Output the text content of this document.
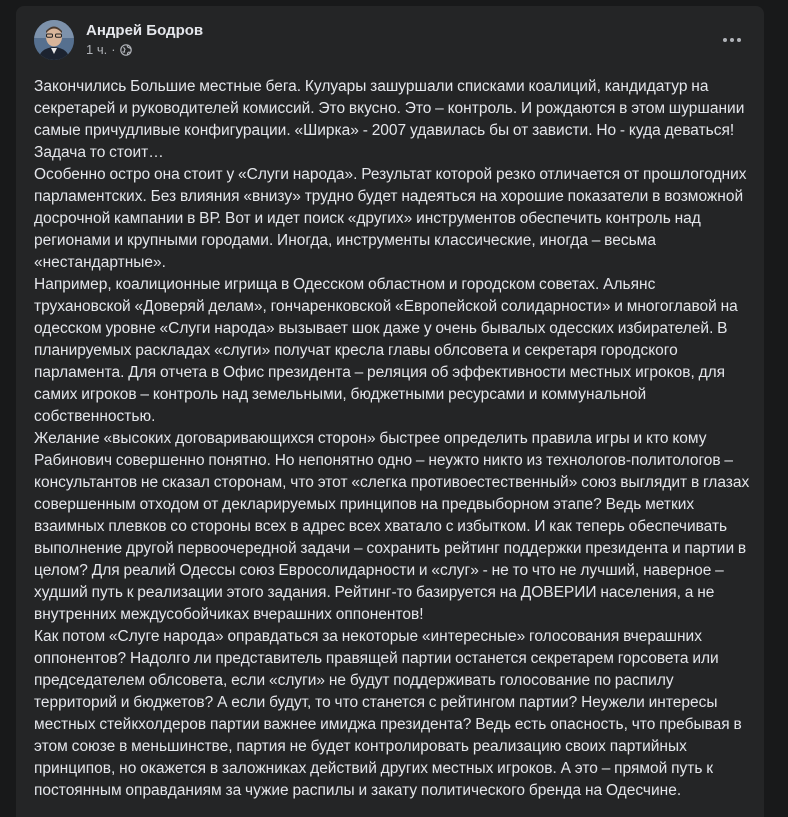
Андрей Бодров
1 ч. ·

Закончились Большие местные бега. Кулуары зашуршали списками коалиций, кандидатур на секретарей и руководителей комиссий. Это вкусно. Это – контроль. И рождаются в этом шуршании самые причудливые конфигурации. «Ширка» - 2007 удавилась бы от зависти. Но - куда деваться! Задача то стоит…

Особенно остро она стоит у «Слуги народа». Результат которой резко отличается от прошлогодних парламентских. Без влияния «внизу» трудно будет надеяться на хорошие показатели в возможной досрочной кампании в ВР. Вот и идет поиск «других» инструментов обеспечить контроль над регионами и крупными городами. Иногда, инструменты классические, иногда – весьма «нестандартные».

Например, коалиционные игрища в Одесском областном и городском советах. Альянс трухановской «Доверяй делам», гончаренковской «Европейской солидарности» и многоглавой на одесском уровне «Слуги народа» вызывает шок даже у очень бывалых одесских избирателей. В планируемых раскладах «слуги» получат кресла главы облсовета и секретаря городского парламента. Для отчета в Офис президента – реляция об эффективности местных игроков, для самих игроков – контроль над земельными, бюджетными ресурсами и коммунальной собственностью.

Желание «высоких договаривающихся сторон» быстрее определить правила игры и кто кому Рабинович совершенно понятно. Но непонятно одно – неужто никто из технологов-политологов –консультантов не сказал сторонам, что этот «слегка противоестественный» союз выглядит в глазах совершенным отходом от декларируемых принципов на предвыборном этапе? Ведь метких взаимных плевков со стороны всех в адрес всех хватало с избытком. И как теперь обеспечивать выполнение другой первоочередной задачи – сохранить рейтинг поддержки президента и партии в целом? Для реалий Одессы союз Евросолидарности и «слуг» - не то что не лучший, наверное – худший путь к реализации этого задания. Рейтинг-то базируется на ДОВЕРИИ населения, а не внутренних междусобойчиках вчерашних оппонентов!

Как потом «Слуге народа» оправдаться за некоторые «интересные» голосования вчерашних оппонентов? Надолго ли представитель правящей партии останется секретарем горсовета или председателем облсовета, если «слуги» не будут поддерживать голосование по распилу территорий и бюджетов? А если будут, то что станется с рейтингом партии? Неужели интересы местных стейкхолдеров партии важнее имиджа президента? Ведь есть опасность, что пребывая в этом союзе в меньшинстве, партия не будет контролировать реализацию своих партийных принципов, но окажется в заложниках действий других местных игроков. А это – прямой путь к постоянным оправданиям за чужие распилы и закату политического бренда на Одесчине.
